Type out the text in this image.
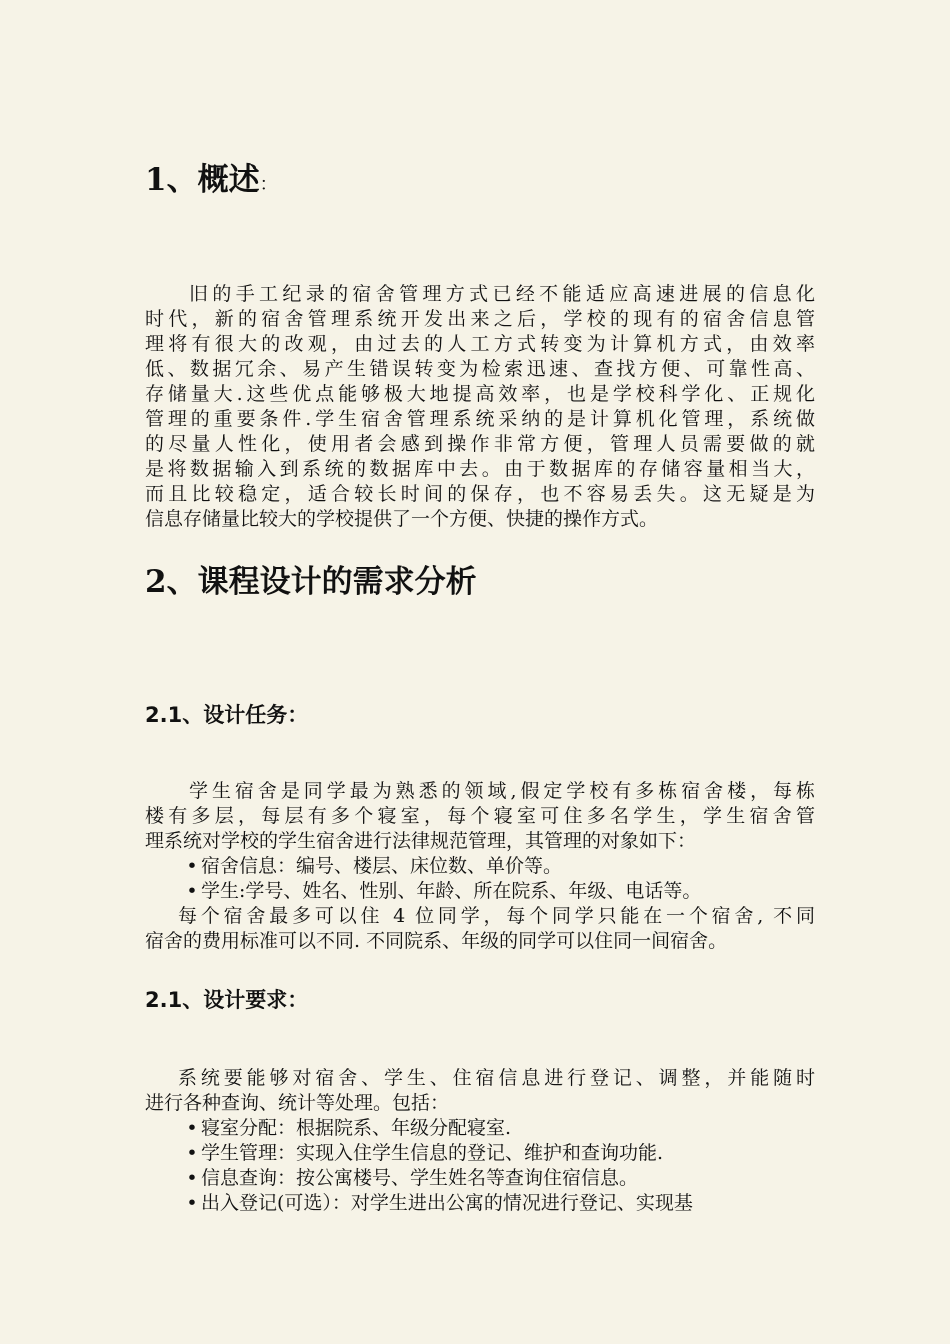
1、概述：
旧的手工纪录的宿舍管理方式已经不能适应高速进展的信息化
时代，新的宿舍管理系统开发出来之后，学校的现有的宿舍信息管
理将有很大的改观，由过去的人工方式转变为计算机方式，由效率
低、数据冗余、易产生错误转变为检索迅速、查找方便、可靠性高、
存储量大.这些优点能够极大地提高效率，也是学校科学化、正规化
管理的重要条件.学生宿舍管理系统采纳的是计算机化管理，系统做
的尽量人性化，使用者会感到操作非常方便，管理人员需要做的就
是将数据输入到系统的数据库中去。由于数据库的存储容量相当大，
而且比较稳定，适合较长时间的保存，也不容易丢失。这无疑是为
信息存储量比较大的学校提供了一个方便、快捷的操作方式。
2、课程设计的需求分析
2.1、设计任务：
学生宿舍是同学最为熟悉的领域,假定学校有多栋宿舍楼，每栋
楼有多层，每层有多个寝室，每个寝室可住多名学生，学生宿舍管
理系统对学校的学生宿舍进行法律规范管理，其管理的对象如下：
• 宿舍信息：编号、楼层、床位数、单价等。
• 学生:学号、姓名、性别、年龄、所在院系、年级、电话等。
每个宿舍最多可以住 4 位同学，每个同学只能在一个宿舍, 不同
宿舍的费用标准可以不同. 不同院系、年级的同学可以住同一间宿舍。
2.1、设计要求：
系统要能够对宿舍、学生、住宿信息进行登记、调整，并能随时
进行各种查询、统计等处理。包括：
• 寝室分配：根据院系、年级分配寝室.
• 学生管理：实现入住学生信息的登记、维护和查询功能.
• 信息查询：按公寓楼号、学生姓名等查询住宿信息。
• 出入登记(可选）：对学生进出公寓的情况进行登记、实现基
